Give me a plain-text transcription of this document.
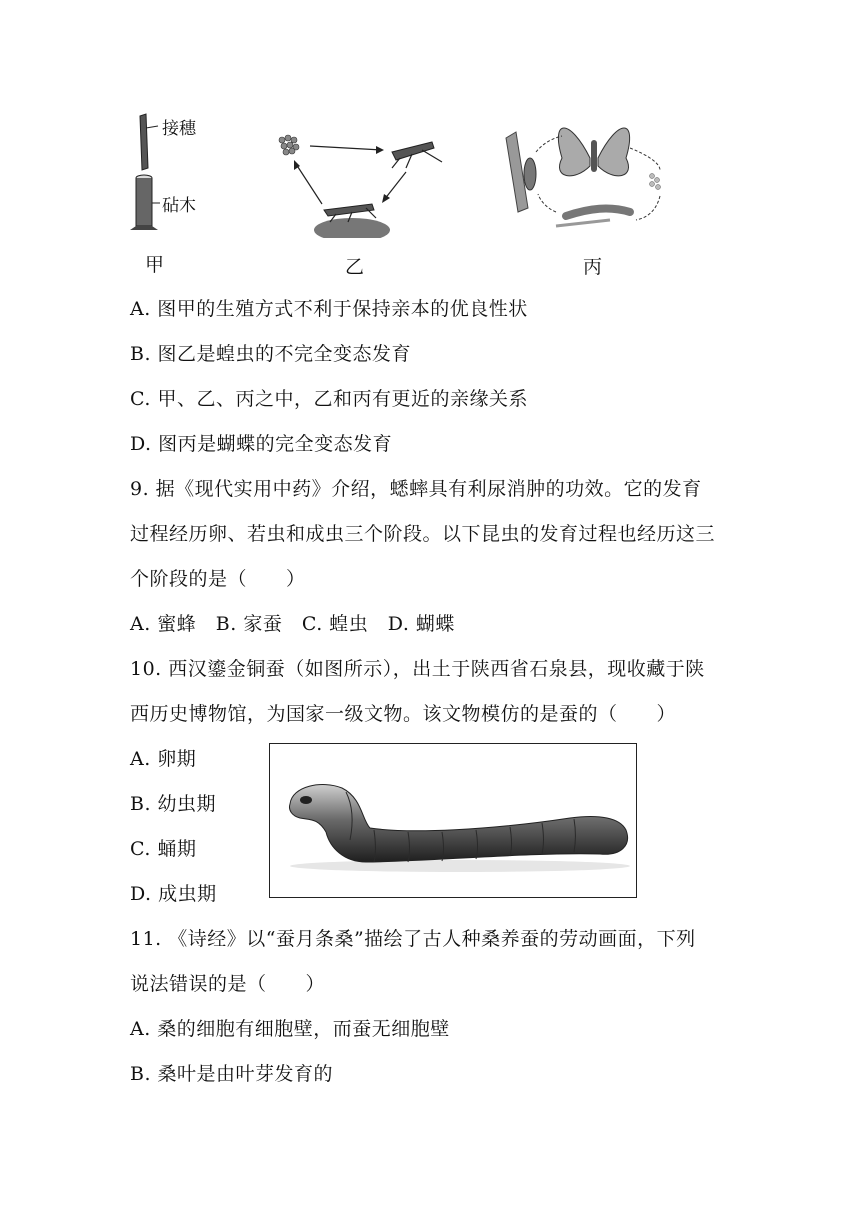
接穗
砧木
甲	乙	丙
A. 图甲的生殖方式不利于保持亲本的优良性状
B. 图乙是蝗虫的不完全变态发育
C. 甲、乙、丙之中，乙和丙有更近的亲缘关系
D. 图丙是蝴蝶的完全变态发育
9. 据《现代实用中药》介绍，蟋蟀具有利尿消肿的功效。它的发育
过程经历卵、若虫和成虫三个阶段。以下昆虫的发育过程也经历这三
个阶段的是（　　）
A. 蜜蜂　B. 家蚕　C. 蝗虫　D. 蝴蝶
10. 西汉鎏金铜蚕（如图所示），出土于陕西省石泉县，现收藏于陕
西历史博物馆，为国家一级文物。该文物模仿的是蚕的（　　）
A. 卵期
B. 幼虫期
C. 蛹期
D. 成虫期
11. 《诗经》以“蚕月条桑”描绘了古人种桑养蚕的劳动画面，下列
说法错误的是（　　）
A. 桑的细胞有细胞壁，而蚕无细胞壁
B. 桑叶是由叶芽发育的
